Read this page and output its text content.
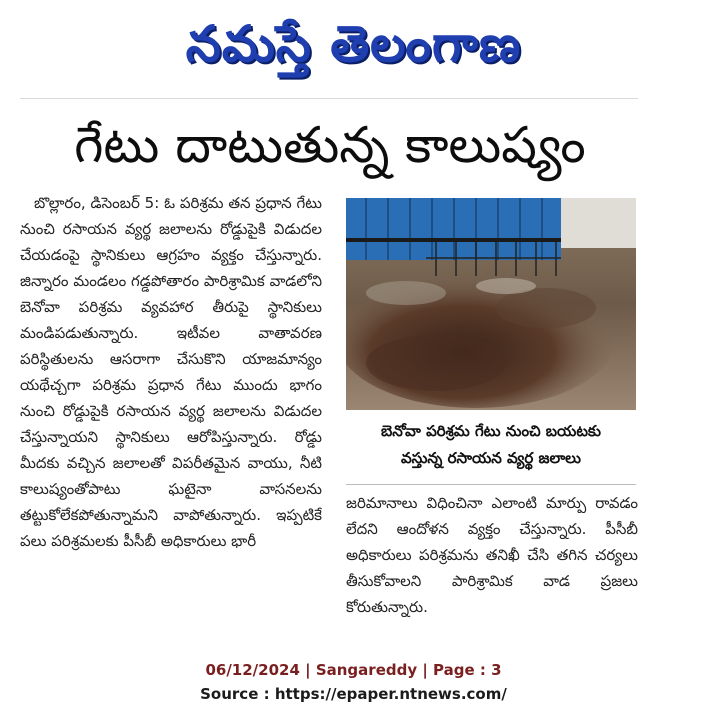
నమస్తే తెలంగాణ
గేటు దాటుతున్న కాలుష్యం

బొల్లారం, డిసెంబర్ 5: ఓ పరిశ్రమ తన ప్రధాన గేటు నుంచి రసాయన వ్యర్థ జలాలను రోడ్డుపైకి విడుదల చేయడంపై స్థానికులు ఆగ్రహం వ్యక్తం చేస్తున్నారు. జిన్నారం మండలం గడ్డపోతారం పారిశ్రామిక వాడలోని బెనోవా పరిశ్రమ వ్యవహార తీరుపై స్థానికులు మండిపడుతున్నారు. ఇటీవల వాతావరణ పరిస్థితులను ఆసరాగా చేసుకొని యాజమాన్యం యథేచ్చగా పరిశ్రమ ప్రధాన గేటు ముందు భాగం నుంచి రోడ్డుపైకి రసాయన వ్యర్థ జలాలను విడుదల చేస్తున్నాయని స్థానికులు ఆరోపిస్తున్నారు. రోడ్డు మీదకు వచ్చిన జలాలతో విపరీతమైన వాయు, నీటి కాలుష్యంతోపాటు ఘటైనా వాసనలను తట్టుకోలేకపోతున్నామని వాపోతున్నారు. ఇప్పటికే పలు పరిశ్రమలకు పీసీబీ అధికారులు భారీ

బెనోవా పరిశ్రమ గేటు నుంచి బయటకు
వస్తున్న రసాయన వ్యర్థ జలాలు

జరిమానాలు విధించినా ఎలాంటి మార్పు రావడం లేదని ఆందోళన వ్యక్తం చేస్తున్నారు. పీసీబీ అధికారులు పరిశ్రమను తనిఖీ చేసి తగిన చర్యలు తీసుకోవాలని పారిశ్రామిక వాడ ప్రజలు కోరుతున్నారు.

06/12/2024 | Sangareddy | Page : 3
Source : https://epaper.ntnews.com/
